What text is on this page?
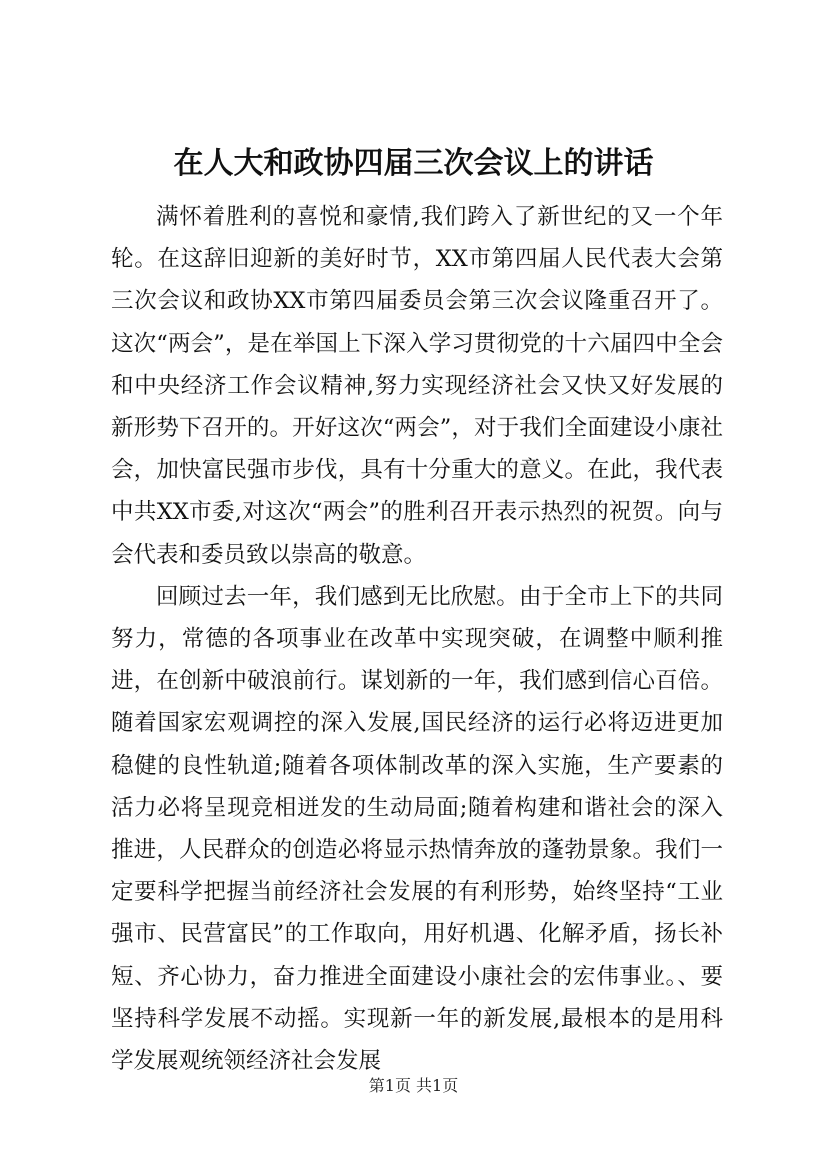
在人大和政协四届三次会议上的讲话

满怀着胜利的喜悦和豪情,我们跨入了新世纪的又一个年轮。在这辞旧迎新的美好时节，XX市第四届人民代表大会第三次会议和政协XX市第四届委员会第三次会议隆重召开了。这次“两会”，是在举国上下深入学习贯彻党的十六届四中全会和中央经济工作会议精神,努力实现经济社会又快又好发展的新形势下召开的。开好这次“两会”，对于我们全面建设小康社会，加快富民强市步伐，具有十分重大的意义。在此，我代表中共XX市委,对这次“两会”的胜利召开表示热烈的祝贺。向与会代表和委员致以崇高的敬意。

回顾过去一年，我们感到无比欣慰。由于全市上下的共同努力，常德的各项事业在改革中实现突破，在调整中顺利推进，在创新中破浪前行。谋划新的一年，我们感到信心百倍。随着国家宏观调控的深入发展,国民经济的运行必将迈进更加稳健的良性轨道;随着各项体制改革的深入实施，生产要素的活力必将呈现竞相迸发的生动局面;随着构建和谐社会的深入推进，人民群众的创造必将显示热情奔放的蓬勃景象。我们一定要科学把握当前经济社会发展的有利形势，始终坚持“工业强市、民营富民”的工作取向，用好机遇、化解矛盾，扬长补短、齐心协力，奋力推进全面建设小康社会的宏伟事业。、要坚持科学发展不动摇。实现新一年的新发展,最根本的是用科学发展观统领经济社会发展

第1页 共1页
